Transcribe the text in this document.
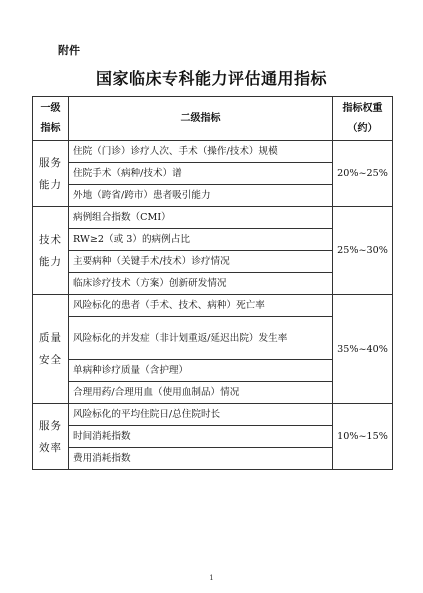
附件
国家临床专科能力评估通用指标
一级
指标	二级指标	指标权重
（约）
服务
能力	住院（门诊）诊疗人次、手术（操作/技术）规模	20%~25%
	住院手术（病种/技术）谱	
	外地（跨省/跨市）患者吸引能力	
技术
能力	病例组合指数（CMI）	25%~30%
	RW≥2（或 3）的病例占比	
	主要病种（关键手术/技术）诊疗情况	
	临床诊疗技术（方案）创新研发情况	
质量
安全	风险标化的患者（手术、技术、病种）死亡率	35%~40%
	风险标化的并发症（非计划重返/延迟出院）发生率	
	单病种诊疗质量（含护理）	
	合理用药/合理用血（使用血制品）情况	
服务
效率	风险标化的平均住院日/总住院时长	10%~15%
	时间消耗指数	
	费用消耗指数	
1
